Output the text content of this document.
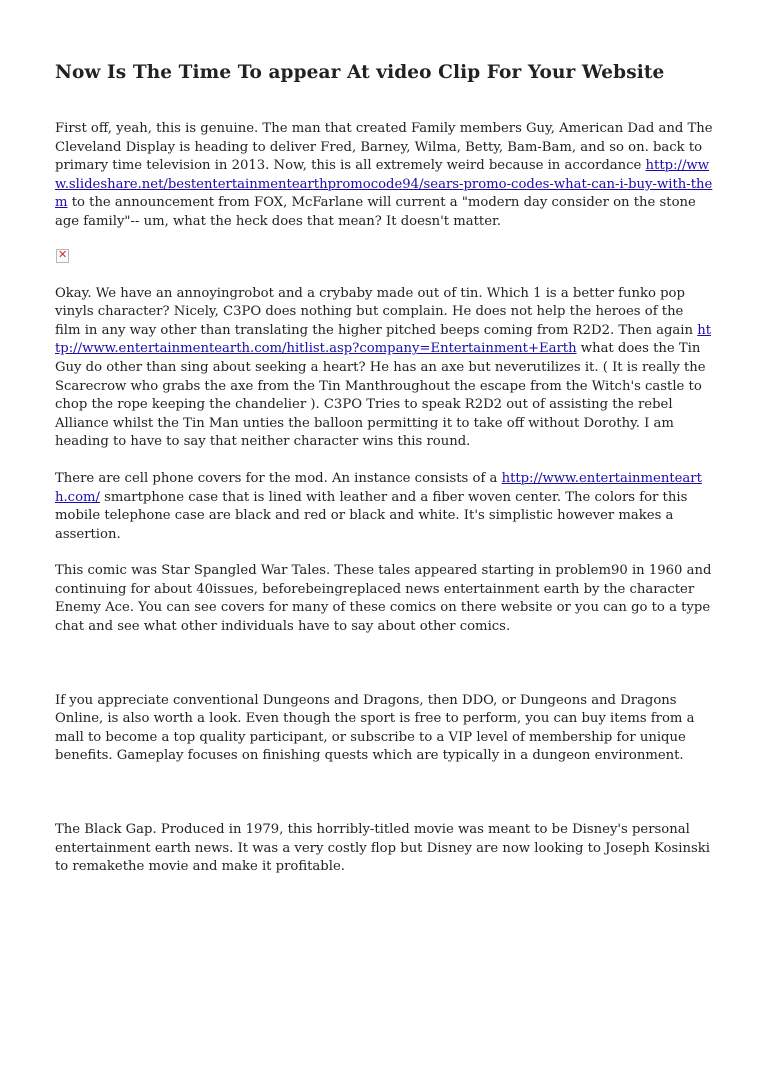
Now Is The Time To appear At video Clip For Your Website

First off, yeah, this is genuine. The man that created Family members Guy, American Dad and The Cleveland Display is heading to deliver Fred, Barney, Wilma, Betty, Bam-Bam, and so on. back to primary time television in 2013. Now, this is all extremely weird because in accordance http://www.slideshare.net/bestentertainmentearthpromocode94/sears-promo-codes-what-can-i-buy-with-them to the announcement from FOX, McFarlane will current a "modern day consider on the stone age family"-- um, what the heck does that mean? It doesn't matter.

✕

Okay. We have an annoyingrobot and a crybaby made out of tin. Which 1 is a better funko pop vinyls character? Nicely, C3PO does nothing but complain. He does not help the heroes of the film in any way other than translating the higher pitched beeps coming from R2D2. Then again http://www.entertainmentearth.com/hitlist.asp?company=Entertainment+Earth what does the Tin Guy do other than sing about seeking a heart? He has an axe but neverutilizes it. ( It is really the Scarecrow who grabs the axe from the Tin Manthroughout the escape from the Witch's castle to chop the rope keeping the chandelier ). C3PO Tries to speak R2D2 out of assisting the rebel Alliance whilst the Tin Man unties the balloon permitting it to take off without Dorothy. I am heading to have to say that neither character wins this round.

There are cell phone covers for the mod. An instance consists of a http://www.entertainmentearth.com/ smartphone case that is lined with leather and a fiber woven center. The colors for this mobile telephone case are black and red or black and white. It's simplistic however makes a assertion.

This comic was Star Spangled War Tales. These tales appeared starting in problem90 in 1960 and continuing for about 40issues, beforebeingreplaced news entertainment earth by the character Enemy Ace. You can see covers for many of these comics on there website or you can go to a type chat and see what other individuals have to say about other comics.

If you appreciate conventional Dungeons and Dragons, then DDO, or Dungeons and Dragons Online, is also worth a look. Even though the sport is free to perform, you can buy items from a mall to become a top quality participant, or subscribe to a VIP level of membership for unique benefits. Gameplay focuses on finishing quests which are typically in a dungeon environment.

The Black Gap. Produced in 1979, this horribly-titled movie was meant to be Disney's personal entertainment earth news. It was a very costly flop but Disney are now looking to Joseph Kosinski to remakethe movie and make it profitable.
